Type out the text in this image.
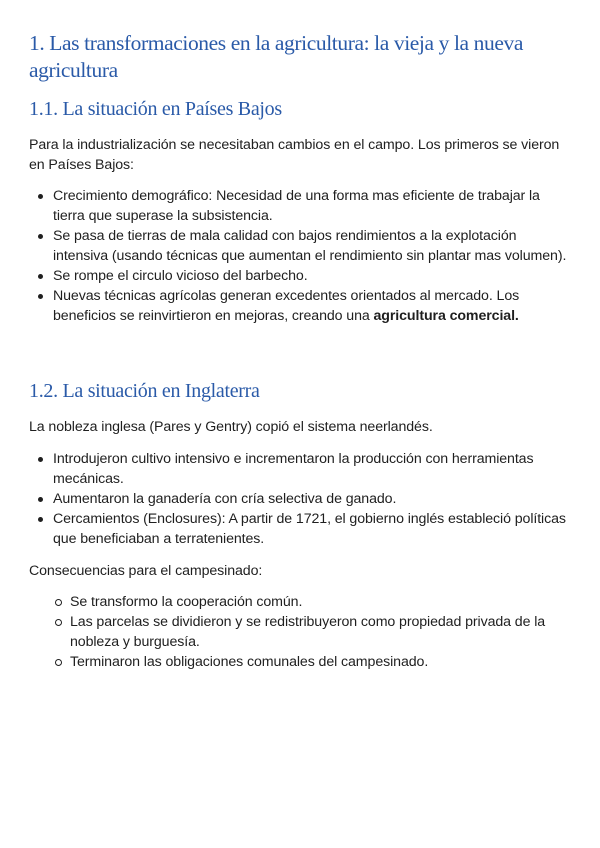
1. Las transformaciones en la agricultura: la vieja y la nueva agricultura
1.1. La situación en Países Bajos

Para la industrialización se necesitaban cambios en el campo. Los primeros se vieron en Países Bajos:

Crecimiento demográfico: Necesidad de una forma mas eficiente de trabajar la tierra que superase la subsistencia.
Se pasa de tierras de mala calidad con bajos rendimientos a la explotación intensiva (usando técnicas que aumentan el rendimiento sin plantar mas volumen).
Se rompe el circulo vicioso del barbecho.
Nuevas técnicas agrícolas generan excedentes orientados al mercado. Los beneficios se reinvirtieron en mejoras, creando una agricultura comercial.
1.2. La situación en Inglaterra

La nobleza inglesa (Pares y Gentry) copió el sistema neerlandés.

Introdujeron cultivo intensivo e incrementaron la producción con herramientas mecánicas.
Aumentaron la ganadería con cría selectiva de ganado.
Cercamientos (Enclosures): A partir de 1721, el gobierno inglés estableció políticas que beneficiaban a terratenientes.

Consecuencias para el campesinado:

Se transformo la cooperación común.
Las parcelas se dividieron y se redistribuyeron como propiedad privada de la nobleza y burguesía.
Terminaron las obligaciones comunales del campesinado.
